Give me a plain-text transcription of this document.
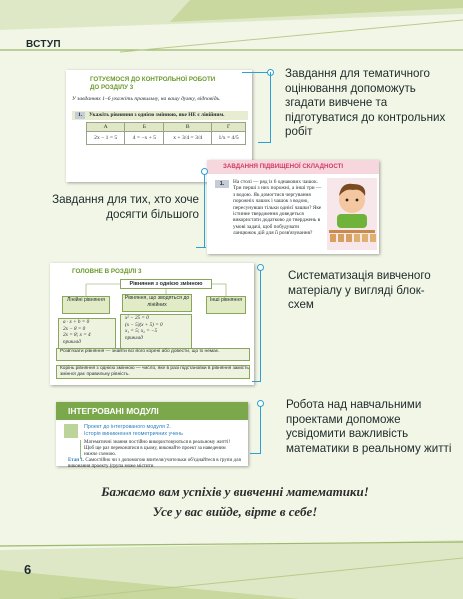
ВСТУП
ГОТУЄМОСЯ ДО КОНТРОЛЬНОЇ РОБОТИ
ДО РОЗДІЛУ 3
У завданнях 1–6 укажіть правильну, на вашу думку, відповідь.
1. Укажіть рівняння з однією змінною, яке НЕ є лінійним.
А	Б	В	Г
2x − 1 = 5	4 = −x + 5	x + 3/4 = 3/4	1/x = 4/5
ЗАВДАННЯ ПІДВИЩЕНОЇ СКЛАДНОСТІ
1.	На столі — ряд із 6 однакових чашок. Три перші з них порожні, а інші три — з водою. Як домогтися чергування порожніх чашок і чашок з водою, пересунувши тільки однієї чашки? Яке істинне твердження доведеться використати додатково до тверджень в умові задачі, щоб побудувати ланцюжок дій для її розв'язування?
ГОЛОВНЕ В РОЗДІЛІ 3
Рівняння з однією змінною
Лінійні рівняння	Рівняння, що зводяться до лінійних
Інші рівняння
a · x + b = 0
2x − 8 = 0
2x = 8; x = 4
приклад
x² − 25 = 0
(x − 5)(x + 5) = 0
x₁ = 5; x₂ = −5
приклад
Розв'язати рівняння — знайти всі його корені або довести, що їх немає.
Корінь рівняння з однією змінною — число, яке в разі підстановки в рівняння замість змінної дає правильну рівність.
ІНТЕГРОВАНІ МОДУЛІ
Проект до інтегрованого модуля 2.
Історія виникнення геометричних учень
Математичні знання постійно використовуються в реальному житті! Щоб ще раз переконатися в цьому, виконайте проект за наведеним нижче схемою.
Етап 1. Самостійно чи з допомогою вчителя/учительки об'єднайтеся в групи для виконання проекту (група може містити
Завдання для тематичного оцінювання допоможуть згадати вивчене та підготуватися до контрольних робіт
Завдання для тих, хто хоче досягти більшого
Систематизація вивченого матеріалу у вигляді блок-схем
Робота над навчальними проектами допоможе усвідомити важливість математики в реальному житті
Бажаємо вам успіхів у вивченні математики!
Усе у вас вийде, вірте в себе!
6
